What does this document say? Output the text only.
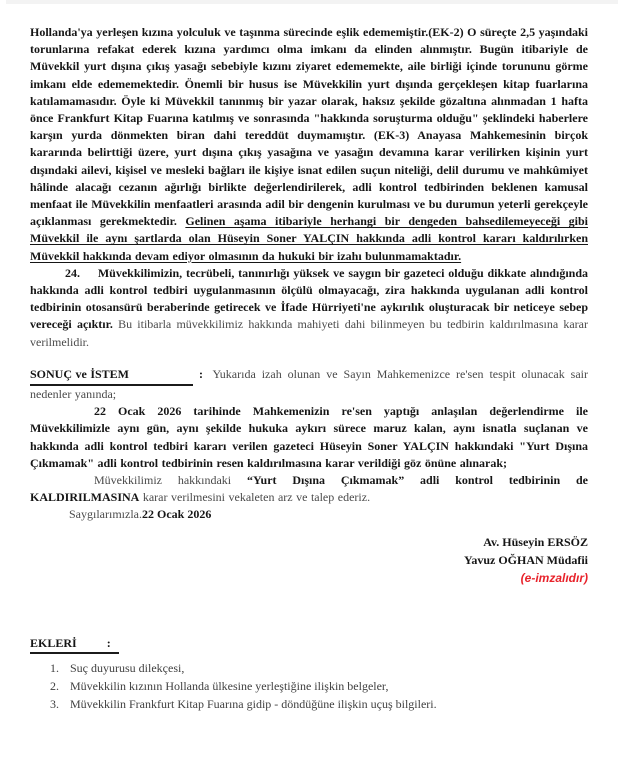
Hollanda'ya yerleşen kızına yolculuk ve taşınma sürecinde eşlik edememiştir.(EK-2) O süreçte 2,5 yaşındaki torunlarına refakat ederek kızına yardımcı olma imkanı da elinden alınmıştır. Bugün itibariyle de Müvekkil yurt dışına çıkış yasağı sebebiyle kızını ziyaret edememekte, aile birliği içinde torununu görme imkanı elde edememektedir. Önemli bir husus ise Müvekkilin yurt dışında gerçekleşen kitap fuarlarına katılamamasıdır. Öyle ki Müvekkil tanınmış bir yazar olarak, haksız şekilde gözaltına alınmadan 1 hafta önce Frankfurt Kitap Fuarına katılmış ve sonrasında "hakkında soruşturma olduğu" şeklindeki haberlere karşın yurda dönmekten biran dahi tereddüt duymamıştır. (EK-3) Anayasa Mahkemesinin birçok kararında belirttiği üzere, yurt dışına çıkış yasağına ve yasağın devamına karar verilirken kişinin yurt dışındaki ailevi, kişisel ve mesleki bağları ile kişiye isnat edilen suçun niteliği, delil durumu ve mahkûmiyet hâlinde alacağı cezanın ağırlığı birlikte değerlendirilerek, adli kontrol tedbirinden beklenen kamusal menfaat ile Müvekkilin menfaatleri arasında adil bir dengenin kurulması ve bu durumun yeterli gerekçeyle açıklanması gerekmektedir. Gelinen aşama itibariyle herhangi bir dengeden bahsedilemeyeceği gibi Müvekkil ile aynı şartlarda olan Hüseyin Soner YALÇIN hakkında adli kontrol kararı kaldırılırken Müvekkil hakkında devam ediyor olmasının da hukuki bir izahı bulunmamaktadır.

24. Müvekkilimizin, tecrübeli, tanınırlığı yüksek ve saygın bir gazeteci olduğu dikkate alındığında hakkında adli kontrol tedbiri uygulanmasının ölçülü olmayacağı, zira hakkında uygulanan adli kontrol tedbirinin otosansürü beraberinde getirecek ve İfade Hürriyeti'ne aykırılık oluşturacak bir neticeye sebep vereceği açıktır. Bu itibarla müvekkilimiz hakkında mahiyeti dahi bilinmeyen bu tedbirin kaldırılmasına karar verilmelidir.

SONUÇ ve İSTEM	: Yukarıda izah olunan ve Sayın Mahkemenizce re'sen tespit olunacak sair nedenler yanında;

22 Ocak 2026 tarihinde Mahkemenizin re'sen yaptığı anlaşılan değerlendirme ile Müvekkilimizle aynı gün, aynı şekilde hukuka aykırı sürece maruz kalan, aynı isnatla suçlanan ve hakkında adli kontrol tedbiri kararı verilen gazeteci Hüseyin Soner YALÇIN hakkındaki "Yurt Dışına Çıkmamak" adli kontrol tedbirinin resen kaldırılmasına karar verildiği göz önüne alınarak;

Müvekkilimiz hakkındaki “Yurt Dışına Çıkmamak” adli kontrol tedbirinin de KALDIRILMASINA karar verilmesini vekaleten arz ve talep ederiz.

Saygılarımızla.22 Ocak 2026

Av. Hüseyin ERSÖZ
Yavuz OĞHAN Müdafii
(e-imzalıdır)
EKLERİ	:
1. Suç duyurusu dilekçesi,
2. Müvekkilin kızının Hollanda ülkesine yerleştiğine ilişkin belgeler,
3. Müvekkilin Frankfurt Kitap Fuarına gidip - döndüğüne ilişkin uçuş bilgileri.
